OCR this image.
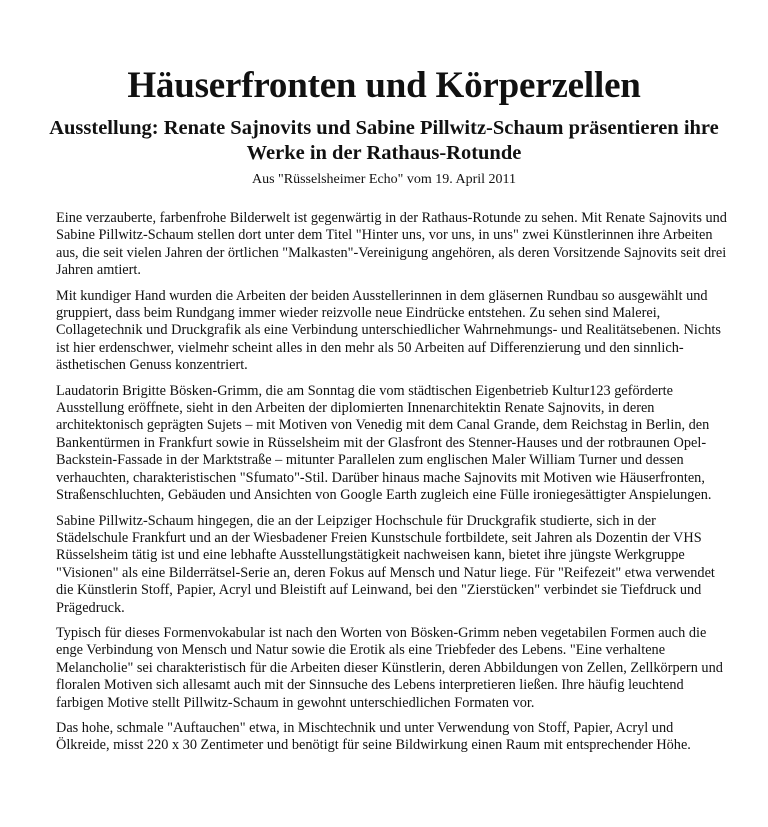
Häuserfronten und Körperzellen
Ausstellung: Renate Sajnovits und Sabine Pillwitz-Schaum präsentieren ihre Werke in der Rathaus-Rotunde

Aus "Rüsselsheimer Echo" vom 19. April 2011

Eine verzauberte, farbenfrohe Bilderwelt ist gegenwärtig in der Rathaus-Rotunde zu sehen. Mit Renate Sajnovits und Sabine Pillwitz-Schaum stellen dort unter dem Titel "Hinter uns, vor uns, in uns" zwei Künstlerinnen ihre Arbeiten aus, die seit vielen Jahren der örtlichen "Malkasten"-Vereinigung angehören, als deren Vorsitzende Sajnovits seit drei Jahren amtiert.

Mit kundiger Hand wurden die Arbeiten der beiden Ausstellerinnen in dem gläsernen Rundbau so ausgewählt und gruppiert, dass beim Rundgang immer wieder reizvolle neue Eindrücke entstehen. Zu sehen sind Malerei, Collagetechnik und Druckgrafik als eine Verbindung unterschiedlicher Wahrnehmungs- und Realitätsebenen. Nichts ist hier erdenschwer, vielmehr scheint alles in den mehr als 50 Arbeiten auf Differenzierung und den sinnlich-ästhetischen Genuss konzentriert.

Laudatorin Brigitte Bösken-Grimm, die am Sonntag die vom städtischen Eigenbetrieb Kultur123 geförderte Ausstellung eröffnete, sieht in den Arbeiten der diplomierten Innenarchitektin Renate Sajnovits, in deren architektonisch geprägten Sujets – mit Motiven von Venedig mit dem Canal Grande, dem Reichstag in Berlin, den Bankentürmen in Frankfurt sowie in Rüsselsheim mit der Glasfront des Stenner-Hauses und der rotbraunen Opel-Backstein-Fassade in der Marktstraße – mitunter Parallelen zum englischen Maler William Turner und dessen verhauchten, charakteristischen "Sfumato"-Stil. Darüber hinaus mache Sajnovits mit Motiven wie Häuserfronten, Straßenschluchten, Gebäuden und Ansichten von Google Earth zugleich eine Fülle ironiegesättigter Anspielungen.

Sabine Pillwitz-Schaum hingegen, die an der Leipziger Hochschule für Druckgrafik studierte, sich in der Städelschule Frankfurt und an der Wiesbadener Freien Kunstschule fortbildete, seit Jahren als Dozentin der VHS Rüsselsheim tätig ist und eine lebhafte Ausstellungstätigkeit nachweisen kann, bietet ihre jüngste Werkgruppe "Visionen" als eine Bilderrätsel-Serie an, deren Fokus auf Mensch und Natur liege. Für "Reifezeit" etwa verwendet die Künstlerin Stoff, Papier, Acryl und Bleistift auf Leinwand, bei den "Zierstücken" verbindet sie Tiefdruck und Prägedruck.

Typisch für dieses Formenvokabular ist nach den Worten von Bösken-Grimm neben vegetabilen Formen auch die enge Verbindung von Mensch und Natur sowie die Erotik als eine Triebfeder des Lebens. "Eine verhaltene Melancholie" sei charakteristisch für die Arbeiten dieser Künstlerin, deren Abbildungen von Zellen, Zellkörpern und floralen Motiven sich allesamt auch mit der Sinnsuche des Lebens interpretieren ließen. Ihre häufig leuchtend farbigen Motive stellt Pillwitz-Schaum in gewohnt unterschiedlichen Formaten vor.

Das hohe, schmale "Auftauchen" etwa, in Mischtechnik und unter Verwendung von Stoff, Papier, Acryl und Ölkreide, misst 220 x 30 Zentimeter und benötigt für seine Bildwirkung einen Raum mit entsprechender Höhe.
